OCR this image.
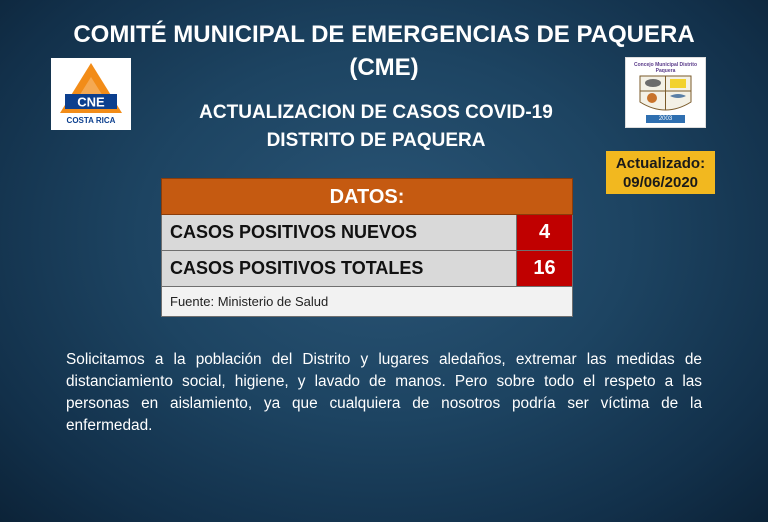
COMITÉ MUNICIPAL DE EMERGENCIAS DE PAQUERA
(CME)
CNE
COSTA RICA	ACTUALIZACION DE CASOS COVID-19
DISTRITO DE PAQUERA
Concejo Municipal Distrito
Paquera
2003
Actualizado:
09/06/2020
DATOS:
CASOS POSITIVOS NUEVOS	4
CASOS POSITIVOS TOTALES	16
Fuente: Ministerio de Salud
Solicitamos a la población del Distrito y lugares aledaños, extremar las medidas de distanciamiento social, higiene, y lavado de manos. Pero sobre todo el respeto a las personas en aislamiento, ya que cualquiera de nosotros podría ser víctima de la enfermedad.
